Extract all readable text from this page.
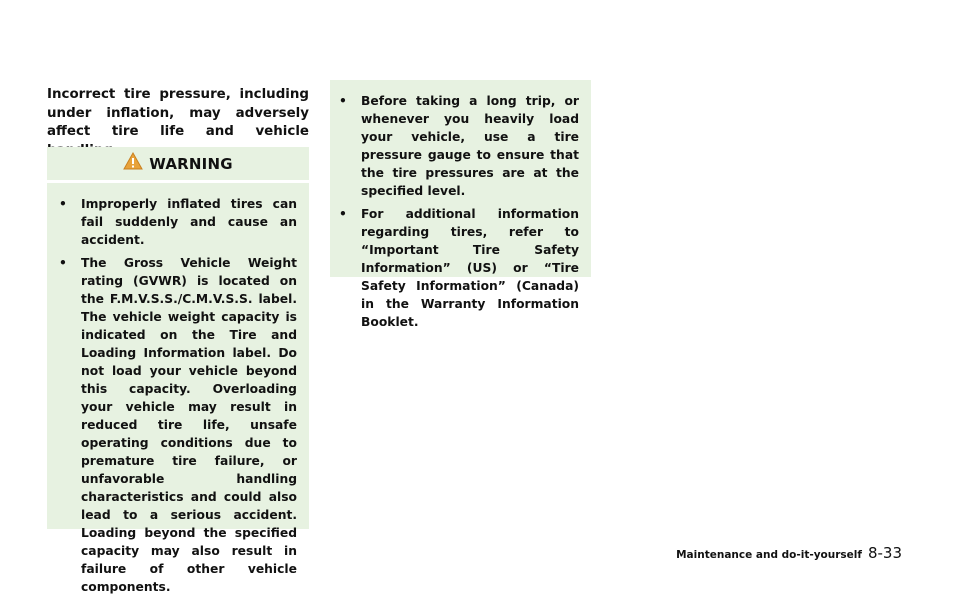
Incorrect tire pressure, including under inflation, may adversely affect tire life and vehicle

WARNING
• Improperly inflated tires can fail suddenly and cause an accident.
• The Gross Vehicle Weight rating (GVWR) is located on the F.M.V.S.S./C.M.V.S.S. label. The vehicle weight capacity is indicated on the Tire and Loading Information label. Do not load your vehicle beyond this capacity. Overloading your vehicle may result in reduced tire life, unsafe operating conditions due to premature tire failure, or unfavorable handling characteristics and could also lead to a serious accident. Loading beyond the specified capacity may also result in failure of other vehicle components.
• Before taking a long trip, or whenever you heavily load your vehicle, use a tire pressure gauge to ensure that the tire pressures are at the specified level.
• For additional information regarding tires, refer to “Important Tire Safety Information” (US) or “Tire Safety Information” (Canada) in the Warranty Information Booklet.
Maintenance and do-it-yourself 8-33
